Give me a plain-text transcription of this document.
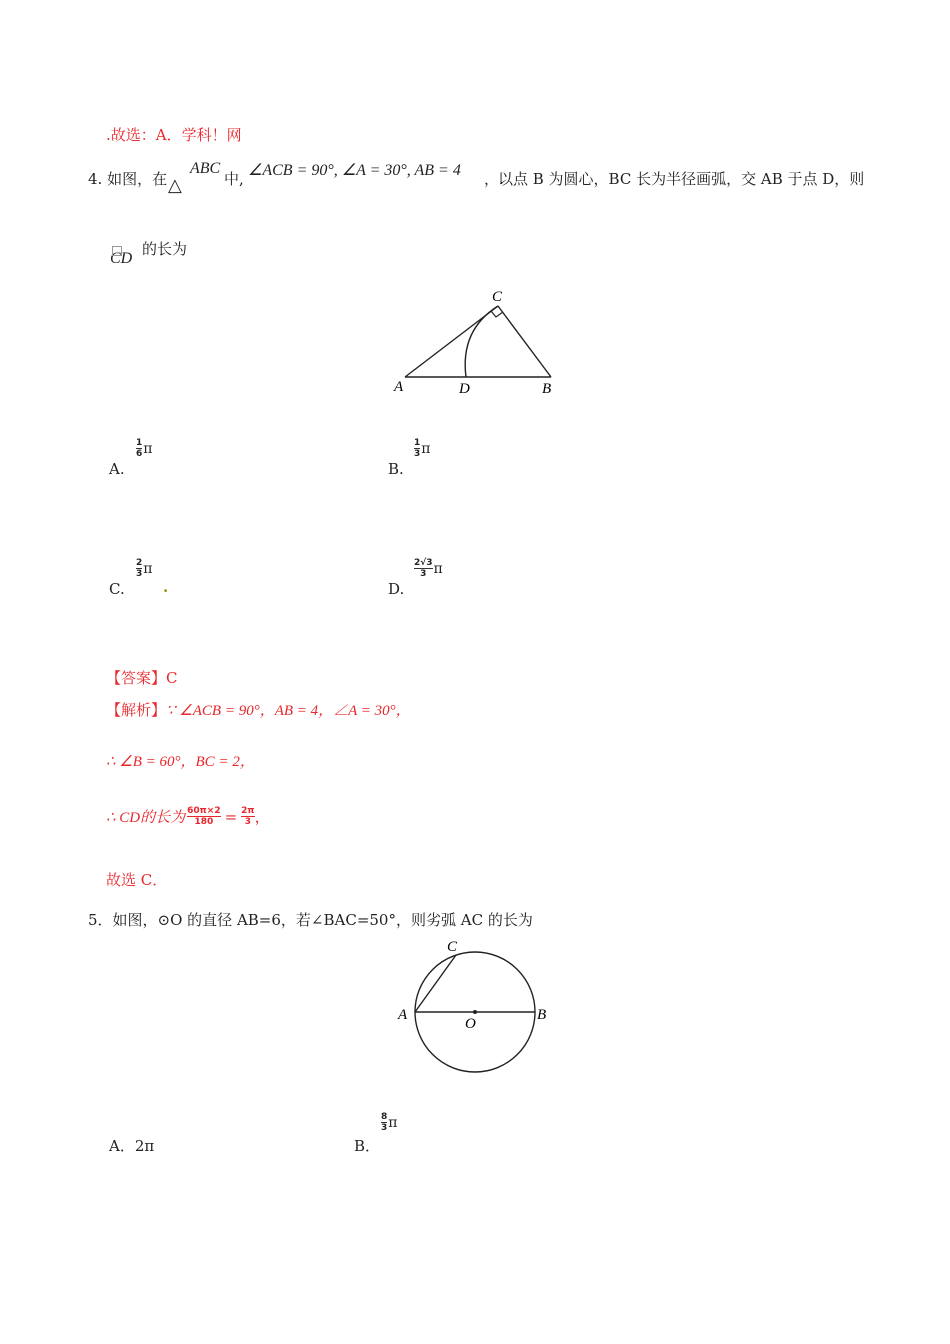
.故选：A．学科！网
4. 如图，在 △
ABC
中, ∠ACB = 90°, ∠A = 30°, AB = 4 ，.
以点 B 为圆心，BC 长为半径画弧，交 AB 于点 D，则
CD
的长为
C
A	D	B
A.
$\frac{1}{6}$ π
B.
$\frac{1}{3}$ π
C.
$\frac{2}{3}$ π
.	D.
$\frac{2√3}{3}$ π
【答案】C
【解析】∵ ∠ACB = 90°，AB = 4，∠A = 30°，
∴ ∠B = 60°，BC = 2，
∴ CD的长为 $\frac{60\pi\times 2}{180} = \frac{2\pi}{3}$ ，
故选 C．
5．如图，⊙O 的直径 AB=6，若∠BAC=50°，则劣弧 AC 的长为
C
A
O
B
A．2π	B．
$\frac{8}{3}$ π
